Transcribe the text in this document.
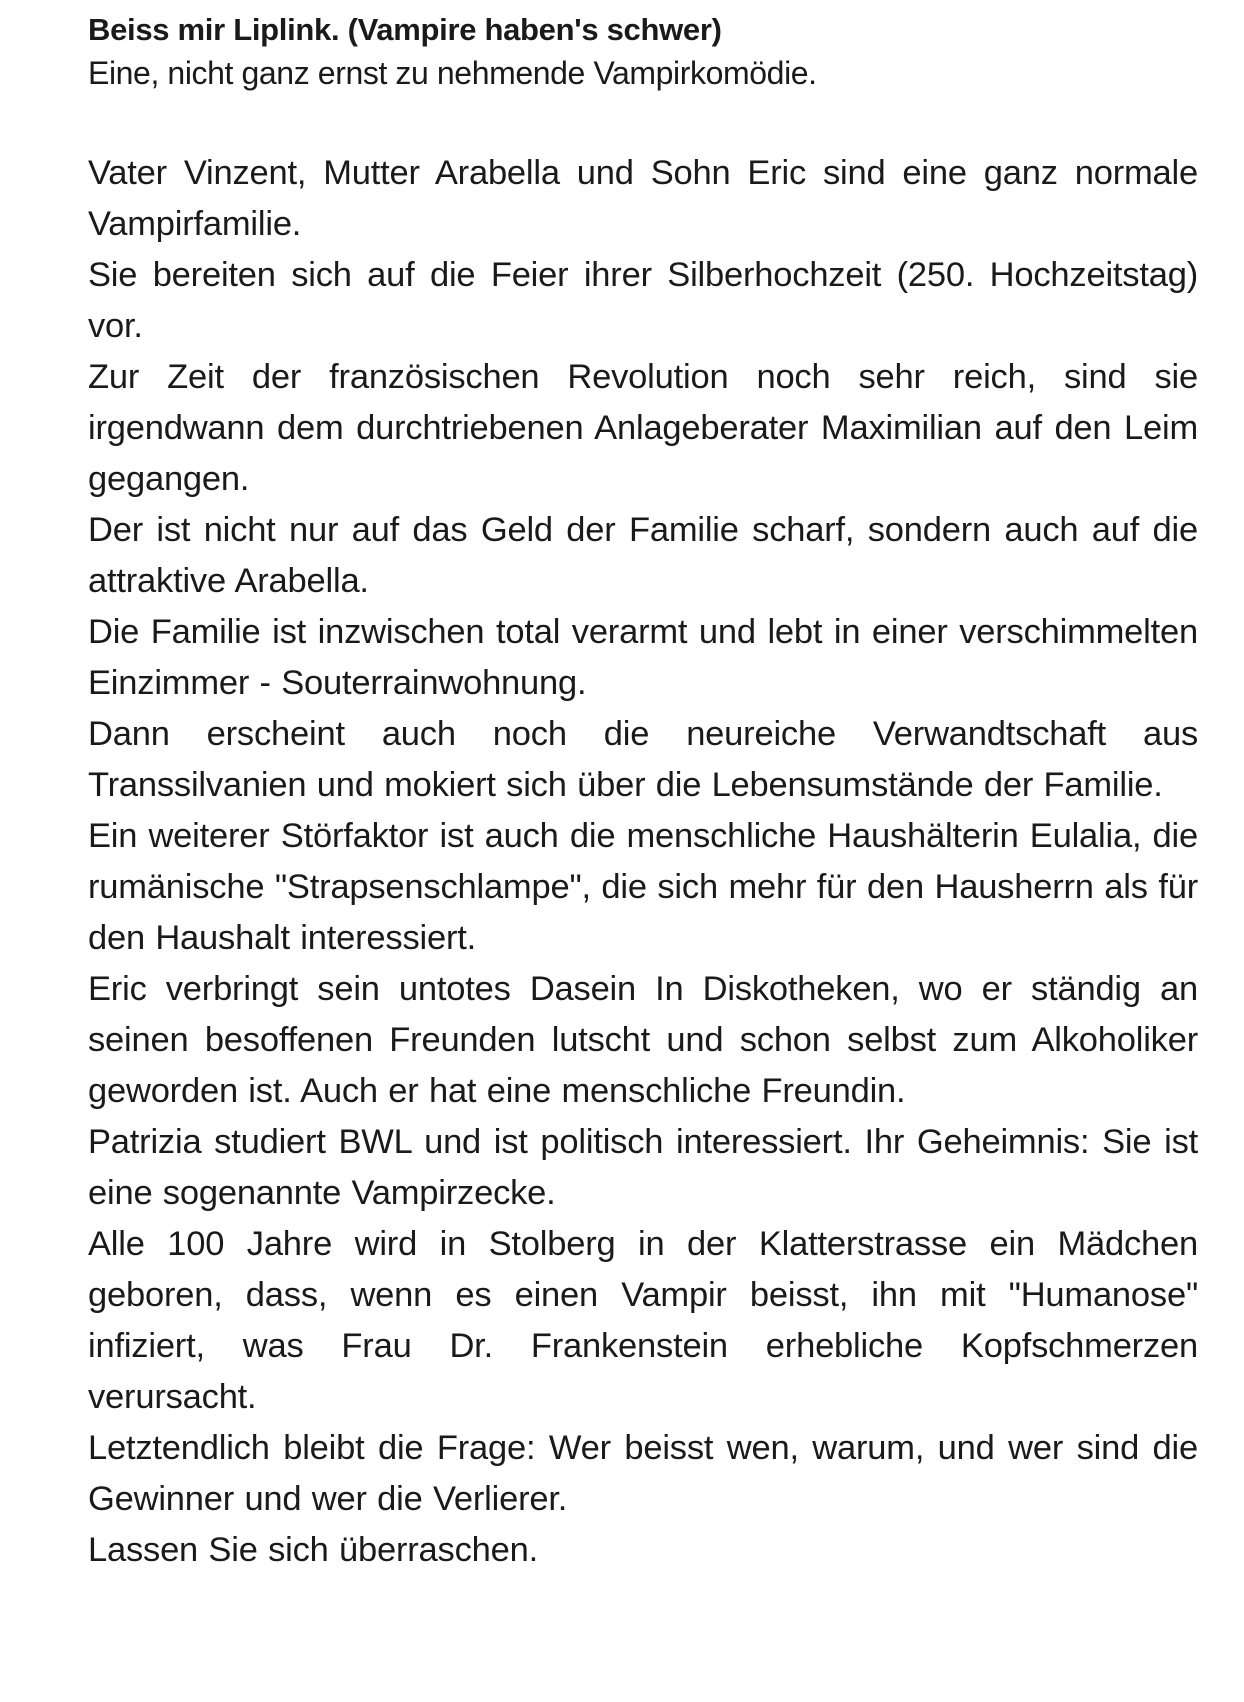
Beiss mir Liplink. (Vampire haben's schwer)

Eine, nicht ganz ernst zu nehmende Vampirkomödie.

Vater Vinzent, Mutter Arabella und Sohn Eric sind eine ganz normale Vampirfamilie.

Sie bereiten sich auf die Feier ihrer Silberhochzeit (250. Hochzeitstag) vor.

Zur Zeit der französischen Revolution noch sehr reich, sind sie irgendwann dem durchtriebenen Anlageberater Maximilian auf den Leim gegangen.

Der ist nicht nur auf das Geld der Familie scharf, sondern auch auf die attraktive Arabella.

Die Familie ist inzwischen total verarmt und lebt in einer verschimmelten Einzimmer - Souterrainwohnung.

Dann erscheint auch noch die neureiche Verwandtschaft aus Transsilvanien und mokiert sich über die Lebensumstände der Familie.

Ein weiterer Störfaktor ist auch die menschliche Haushälterin Eulalia, die rumänische "Strapsenschlampe", die sich mehr für den Hausherrn als für den Haushalt interessiert.

Eric verbringt sein untotes Dasein In Diskotheken, wo er ständig an seinen besoffenen Freunden lutscht und schon selbst zum Alkoholiker geworden ist. Auch er hat eine menschliche Freundin.

Patrizia studiert BWL und ist politisch interessiert. Ihr Geheimnis: Sie ist eine sogenannte Vampirzecke.

Alle 100 Jahre wird in Stolberg in der Klatterstrasse ein Mädchen geboren, dass, wenn es einen Vampir beisst, ihn mit "Humanose" infiziert, was Frau Dr. Frankenstein erhebliche Kopfschmerzen verursacht.

Letztendlich bleibt die Frage: Wer beisst wen, warum, und wer sind die Gewinner und wer die Verlierer.

Lassen Sie sich überraschen.
